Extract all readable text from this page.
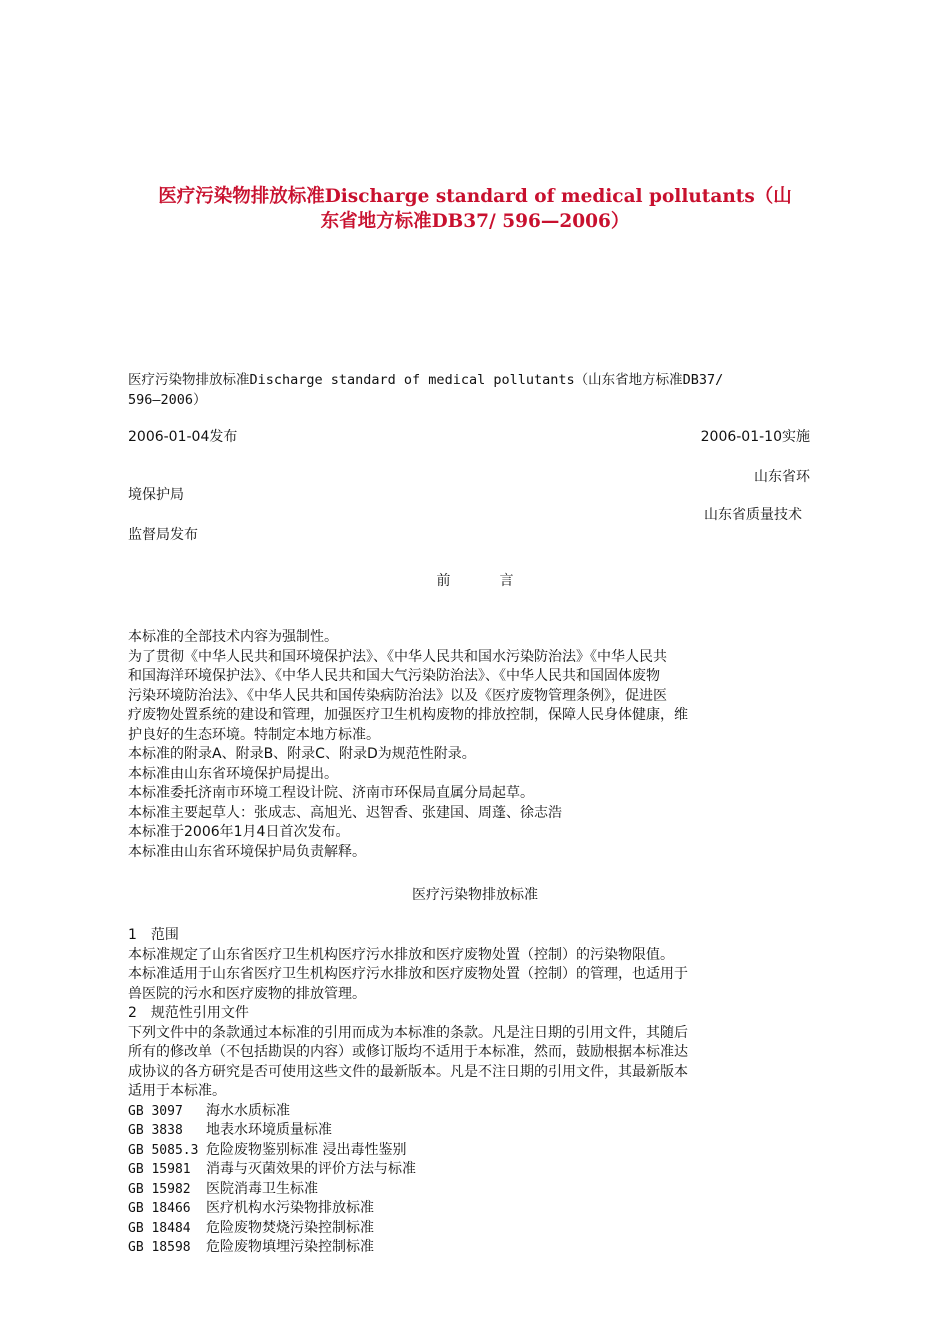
医疗污染物排放标准Discharge standard of medical pollutants（山
东省地方标准DB37/ 596—2006）
医疗污染物排放标准Discharge standard of medical pollutants（山东省地方标准DB37/
596—2006）
2006-01-04发布	2006-01-10实施
山东省环
境保护局
山东省质量技术
监督局发布
前	言
本标准的全部技术内容为强制性。
为了贯彻《中华人民共和国环境保护法》、《中华人民共和国水污染防治法》《中华人民共
和国海洋环境保护法》、《中华人民共和国大气污染防治法》、《中华人民共和国固体废物
污染环境防治法》、《中华人民共和国传染病防治法》以及《医疗废物管理条例》，促进医
疗废物处置系统的建设和管理，加强医疗卫生机构废物的排放控制，保障人民身体健康，维
护良好的生态环境。特制定本地方标准。
本标准的附录A、附录B、附录C、附录D为规范性附录。
本标准由山东省环境保护局提出。
本标准委托济南市环境工程设计院、济南市环保局直属分局起草。
本标准主要起草人：张成志、高旭光、迟智香、张建国、周蓬、徐志浩
本标准于2006年1月4日首次发布。
本标准由山东省环境保护局负责解释。
医疗污染物排放标准
1　范围
本标准规定了山东省医疗卫生机构医疗污水排放和医疗废物处置（控制）的污染物限值。
本标准适用于山东省医疗卫生机构医疗污水排放和医疗废物处置（控制）的管理，也适用于
兽医院的污水和医疗废物的排放管理。
2　规范性引用文件
下列文件中的条款通过本标准的引用而成为本标准的条款。凡是注日期的引用文件，其随后
所有的修改单（不包括勘误的内容）或修订版均不适用于本标准，然而，鼓励根据本标准达
成协议的各方研究是否可使用这些文件的最新版本。凡是不注日期的引用文件，其最新版本
适用于本标准。
GB 3097 海水水质标准
GB 3838 地表水环境质量标准
GB 5085.3 危险废物鉴别标准 浸出毒性鉴别
GB 15981 消毒与灭菌效果的评价方法与标准
GB 15982 医院消毒卫生标准
GB 18466 医疗机构水污染物排放标准
GB 18484 危险废物焚烧污染控制标准
GB 18598 危险废物填埋污染控制标准
